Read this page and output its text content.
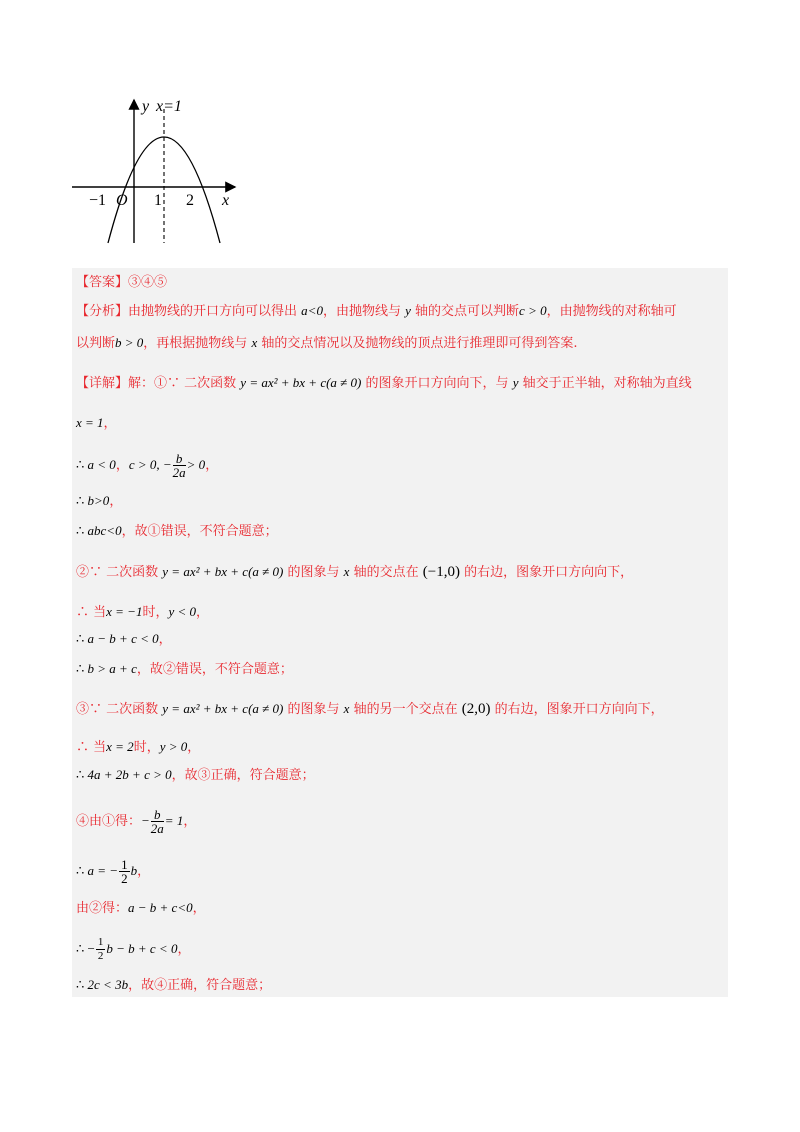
y x=1
−1 O 1 2 x
【答案】③④⑤
【分析】由抛物线的开口方向可以得出 a<0，由抛物线与 y 轴的交点可以判断c > 0，由抛物线的对称轴可
以判断b > 0，再根据抛物线与 x 轴的交点情况以及抛物线的顶点进行推理即可得到答案.
【详解】解：①∵ 二次函数 y = ax² + bx + c(a ≠ 0) 的图象开口方向向下，与 y 轴交于正半轴，对称轴为直线
x = 1，
∴ a < 0，c > 0, − $\frac{b}{2a} > 0$，
∴ b>0，
∴ abc<0，故①错误，不符合题意；
②∵ 二次函数 y = ax² + bx + c(a ≠ 0) 的图象与 x 轴的交点在 (−1,0) 的右边，图象开口方向向下，
∴ 当x = −1时，y < 0，
∴ a − b + c < 0，
∴ b > a + c，故②错误，不符合题意；
③∵ 二次函数 y = ax² + bx + c(a ≠ 0) 的图象与 x 轴的另一个交点在 (2,0) 的右边，图象开口方向向下，
∴ 当x = 2时，y > 0，
∴ 4a + 2b + c > 0，故③正确，符合题意；
④由①得：− $\frac{b}{2a} = 1$，
∴ a = − $\frac{1}{2}$ b，
由②得：a − b + c<0，
∴ − $\frac{1}{2}$ b − b + c < 0，
∴ 2c < 3b，故④正确，符合题意；
